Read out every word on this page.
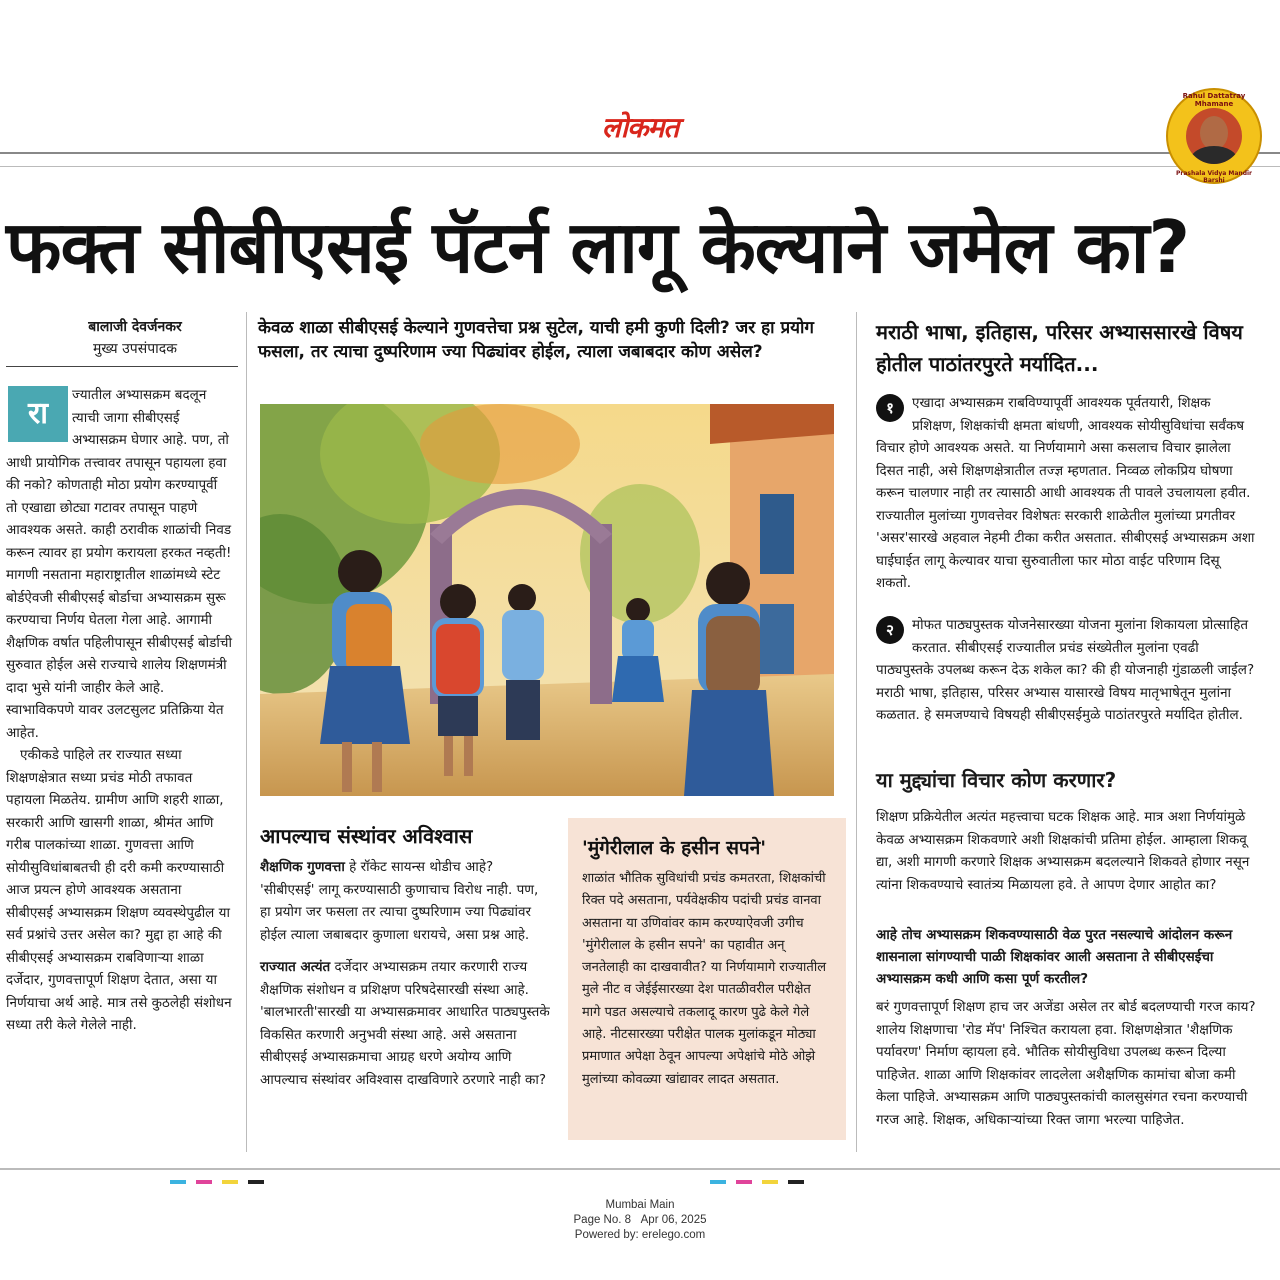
लोकमत
Rahul Dattatray Mhamane
Prashala Vidya Mandir Barshi
फक्त सीबीएसई पॅटर्न लागू केल्याने जमेल का?
बालाजी देवर्जनकर
मुख्य उपसंपादक
रा

ज्यातील अभ्यासक्रम बदलून त्याची जागा सीबीएसई अभ्यासक्रम घेणार आहे. पण, तो आधी प्रायोगिक तत्त्वावर तपासून पहायला हवा की नको? कोणताही मोठा प्रयोग करण्यापूर्वी तो एखाद्या छोट्या गटावर तपासून पाहणे आवश्यक असते. काही ठरावीक शाळांची निवड करून त्यावर हा प्रयोग करायला हरकत नव्हती! मागणी नसताना महाराष्ट्रातील शाळांमध्ये स्टेट बोर्डऐवजी सीबीएसई बोर्डाचा अभ्यासक्रम सुरू करण्याचा निर्णय घेतला गेला आहे. आगामी शैक्षणिक वर्षात पहिलीपासून सीबीएसई बोर्डाची सुरुवात होईल असे राज्याचे शालेय शिक्षणमंत्री दादा भुसे यांनी जाहीर केले आहे. स्वाभाविकपणे यावर उलटसुलट प्रतिक्रिया येत आहेत.

एकीकडे पाहिले तर राज्यात सध्या शिक्षणक्षेत्रात सध्या प्रचंड मोठी तफावत पहायला मिळतेय. ग्रामीण आणि शहरी शाळा, सरकारी आणि खासगी शाळा, श्रीमंत आणि गरीब पालकांच्या शाळा. गुणवत्ता आणि सोयीसुविधांबाबतची ही दरी कमी करण्यासाठी आज प्रयत्न होणे आवश्यक असताना सीबीएसई अभ्यासक्रम शिक्षण व्यवस्थेपुढील या सर्व प्रश्नांचे उत्तर असेल का? मुद्दा हा आहे की सीबीएसई अभ्यासक्रम राबविणाऱ्या शाळा दर्जेदार, गुणवत्तापूर्ण शिक्षण देतात, असा या निर्णयाचा अर्थ आहे. मात्र तसे कुठलेही संशोधन सध्या तरी केले गेलेले नाही.

केवळ शाळा सीबीएसई केल्याने गुणवत्तेचा प्रश्न सुटेल, याची हमी कुणी दिली? जर हा प्रयोग फसला, तर त्याचा दुष्परिणाम ज्या पिढ्यांवर होईल, त्याला जबाबदार कोण असेल?
आपल्याच संस्थांवर अविश्वास

शैक्षणिक गुणवत्ता हे रॉकेट सायन्स थोडीच आहे? 'सीबीएसई' लागू करण्यासाठी कुणाचाच विरोध नाही. पण, हा प्रयोग जर फसला तर त्याचा दुष्परिणाम ज्या पिढ्यांवर होईल त्याला जबाबदार कुणाला धरायचे, असा प्रश्न आहे.

राज्यात अत्यंत दर्जेदार अभ्यासक्रम तयार करणारी राज्य शैक्षणिक संशोधन व प्रशिक्षण परिषदेसारखी संस्था आहे. 'बालभारती'सारखी या अभ्यासक्रमावर आधारित पाठ्यपुस्तके विकसित करणारी अनुभवी संस्था आहे. असे असताना सीबीएसई अभ्यासक्रमाचा आग्रह धरणे अयोग्य आणि आपल्याच संस्थांवर अविश्वास दाखविणारे ठरणारे नाही का?

'मुंगेरीलाल के हसीन सपने'
शाळांत भौतिक सुविधांची प्रचंड कमतरता, शिक्षकांची रिक्त पदे असताना, पर्यवेक्षकीय पदांची प्रचंड वानवा असताना या उणिवांवर काम करण्याऐवजी उगीच 'मुंगेरीलाल के हसीन सपने' का पहावीत अन् जनतेलाही का दाखवावीत? या निर्णयामागे राज्यातील मुले नीट व जेईईसारख्या देश पातळीवरील परीक्षेत मागे पडत असल्याचे तकलादू कारण पुढे केले गेले आहे. नीटसारख्या परीक्षेत पालक मुलांकडून मोठ्या प्रमाणात अपेक्षा ठेवून आपल्या अपेक्षांचे मोठे ओझे मुलांच्या कोवळ्या खांद्यावर लादत असतात.
मराठी भाषा, इतिहास, परिसर अभ्याससारखे विषय होतील पाठांतरपुरते मर्यादित...
१	एखादा अभ्यासक्रम राबविण्यापूर्वी आवश्यक पूर्वतयारी, शिक्षक प्रशिक्षण, शिक्षकांची क्षमता बांधणी, आवश्यक सोयीसुविधांचा सर्वंकष विचार होणे आवश्यक असते. या निर्णयामागे असा कसलाच विचार झालेला दिसत नाही, असे शिक्षणक्षेत्रातील तज्ज्ञ म्हणतात. निव्वळ लोकप्रिय घोषणा करून चालणार नाही तर त्यासाठी आधी आवश्यक ती पावले उचलायला हवीत. राज्यातील मुलांच्या गुणवत्तेवर विशेषतः सरकारी शाळेतील मुलांच्या प्रगतीवर 'असर'सारखे अहवाल नेहमी टीका करीत असतात. सीबीएसई अभ्यासक्रम अशा घाईघाईत लागू केल्यावर याचा सुरुवातीला फार मोठा वाईट परिणाम दिसू शकतो.
२	मोफत पाठ्यपुस्तक योजनेसारख्या योजना मुलांना शिकायला प्रोत्साहित करतात. सीबीएसई राज्यातील प्रचंड संख्येतील मुलांना एवढी पाठ्यपुस्तके उपलब्ध करून देऊ शकेल का? की ही योजनाही गुंडाळली जाईल? मराठी भाषा, इतिहास, परिसर अभ्यास यासारखे विषय मातृभाषेतून मुलांना कळतात. हे समजण्याचे विषयही सीबीएसईमुळे पाठांतरपुरते मर्यादित होतील.
या मुद्द्यांचा विचार कोण करणार?
शिक्षण प्रक्रियेतील अत्यंत महत्त्वाचा घटक शिक्षक आहे. मात्र अशा निर्णयांमुळे केवळ अभ्यासक्रम शिकवणारे अशी शिक्षकांची प्रतिमा होईल. आम्हाला शिकवू द्या, अशी मागणी करणारे शिक्षक अभ्यासक्रम बदलल्याने शिकवते होणार नसून त्यांना शिकवण्याचे स्वातंत्र्य मिळायला हवे. ते आपण देणार आहोत का?
आहे तोच अभ्यासक्रम शिकवण्यासाठी वेळ पुरत नसल्याचे आंदोलन करून शासनाला सांगण्याची पाळी शिक्षकांवर आली असताना ते सीबीएसईचा अभ्यासक्रम कधी आणि कसा पूर्ण करतील?
बरं गुणवत्तापूर्ण शिक्षण हाच जर अजेंडा असेल तर बोर्ड बदलण्याची गरज काय? शालेय शिक्षणाचा 'रोड मॅप' निश्चित करायला हवा. शिक्षणक्षेत्रात 'शैक्षणिक पर्यावरण' निर्माण व्हायला हवे. भौतिक सोयीसुविधा उपलब्ध करून दिल्या पाहिजेत. शाळा आणि शिक्षकांवर लादलेला अशैक्षणिक कामांचा बोजा कमी केला पाहिजे. अभ्यासक्रम आणि पाठ्यपुस्तकांची कालसुसंगत रचना करण्याची गरज आहे. शिक्षक, अधिकाऱ्यांच्या रिक्त जागा भरल्या पाहिजेत.
Mumbai Main
Page No. 8 Apr 06, 2025
Powered by: erelego.com
